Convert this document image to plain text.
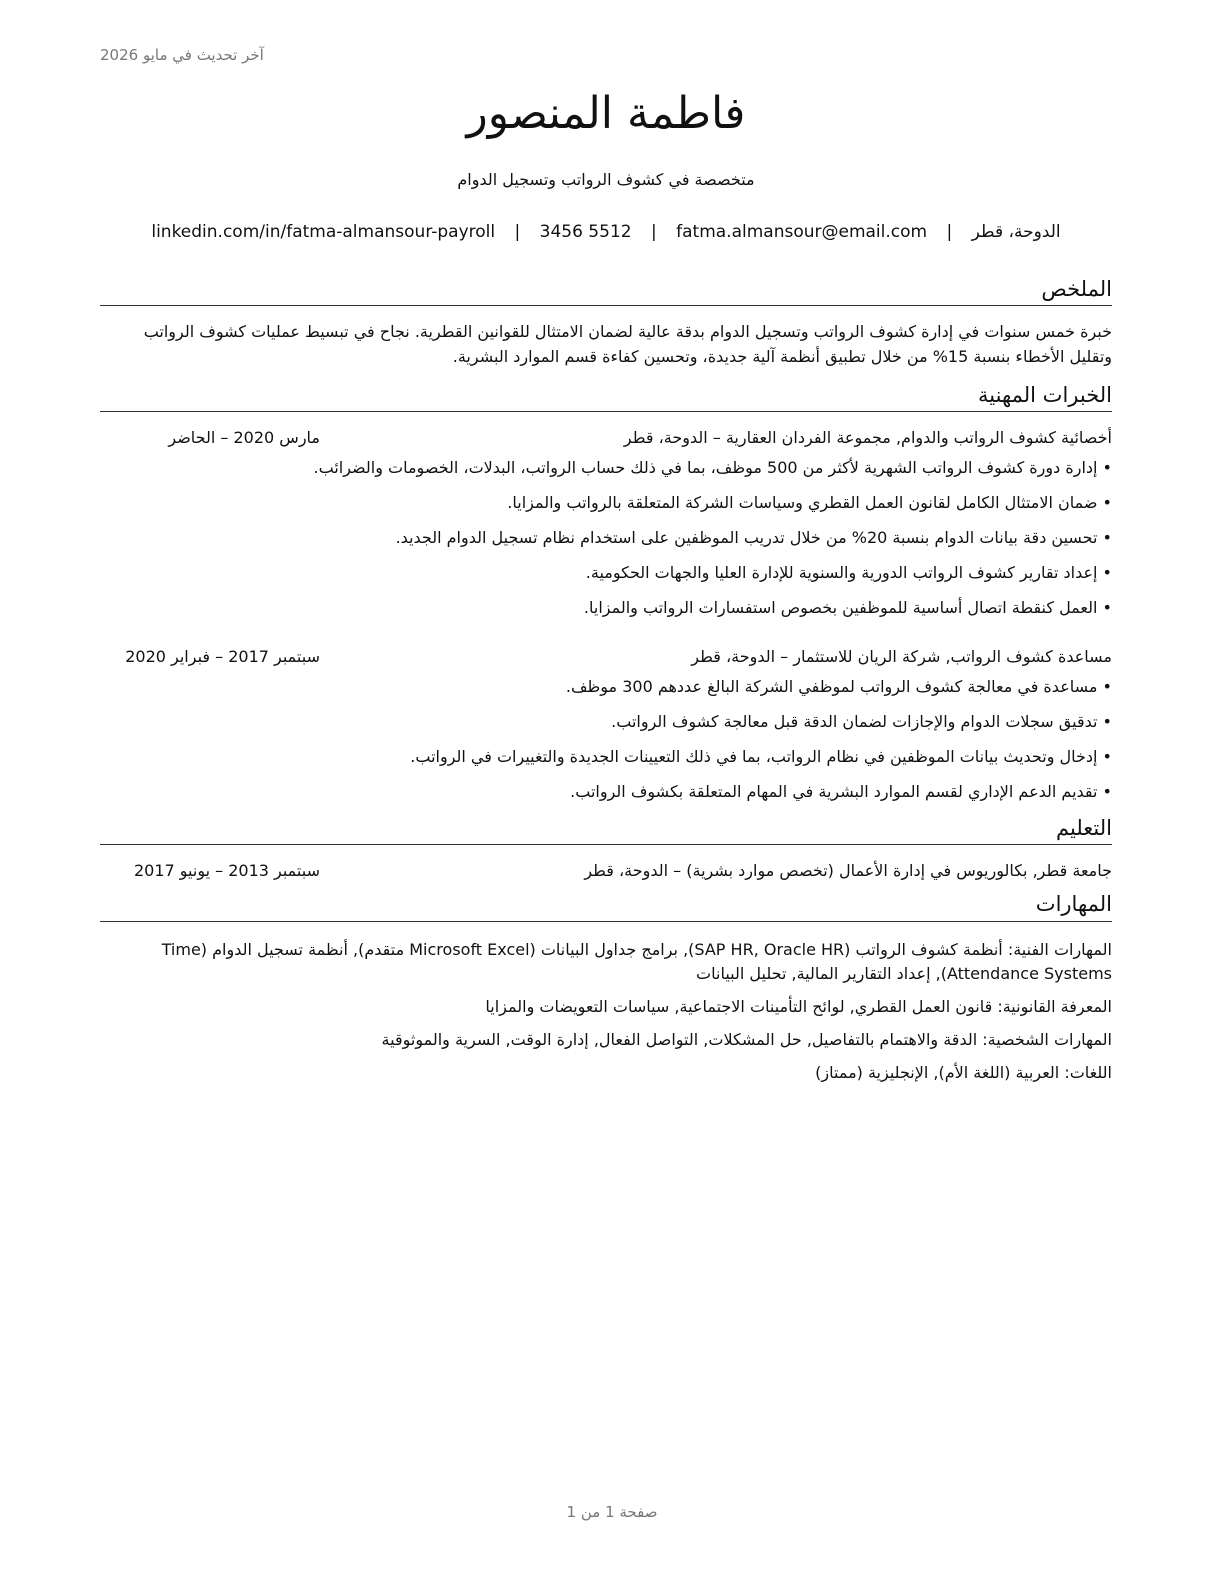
آخر تحديث في مايو 2026
فاطمة المنصور
متخصصة في كشوف الرواتب وتسجيل الدوام
الدوحة، قطر | fatma.almansour@email.com | 3456 5512 | linkedin.com/in/fatma-almansour-payroll
الملخص

خبرة خمس سنوات في إدارة كشوف الرواتب وتسجيل الدوام بدقة عالية لضمان الامتثال للقوانين القطرية. نجاح في تبسيط عمليات كشوف الرواتب وتقليل الأخطاء بنسبة 15% من خلال تطبيق أنظمة آلية جديدة، وتحسين كفاءة قسم الموارد البشرية.

الخبرات المهنية
أخصائية كشوف الرواتب والدوام, مجموعة الفردان العقارية – الدوحة، قطر
مارس 2020 – الحاضر
• إدارة دورة كشوف الرواتب الشهرية لأكثر من 500 موظف، بما في ذلك حساب الرواتب، البدلات، الخصومات والضرائب.
• ضمان الامتثال الكامل لقانون العمل القطري وسياسات الشركة المتعلقة بالرواتب والمزايا.
• تحسين دقة بيانات الدوام بنسبة 20% من خلال تدريب الموظفين على استخدام نظام تسجيل الدوام الجديد.
• إعداد تقارير كشوف الرواتب الدورية والسنوية للإدارة العليا والجهات الحكومية.
• العمل كنقطة اتصال أساسية للموظفين بخصوص استفسارات الرواتب والمزايا.
مساعدة كشوف الرواتب, شركة الريان للاستثمار – الدوحة، قطر
سبتمبر 2017 – فبراير 2020
• مساعدة في معالجة كشوف الرواتب لموظفي الشركة البالغ عددهم 300 موظف.
• تدقيق سجلات الدوام والإجازات لضمان الدقة قبل معالجة كشوف الرواتب.
• إدخال وتحديث بيانات الموظفين في نظام الرواتب، بما في ذلك التعيينات الجديدة والتغييرات في الرواتب.
• تقديم الدعم الإداري لقسم الموارد البشرية في المهام المتعلقة بكشوف الرواتب.
التعليم
جامعة قطر, بكالوريوس في إدارة الأعمال (تخصص موارد بشرية) – الدوحة، قطر
سبتمبر 2013 – يونيو 2017
المهارات

المهارات الفنية: أنظمة كشوف الرواتب (SAP HR, Oracle HR), برامج جداول البيانات (Microsoft Excel متقدم), أنظمة تسجيل الدوام (Time Attendance Systems), إعداد التقارير المالية, تحليل البيانات

المعرفة القانونية: قانون العمل القطري, لوائح التأمينات الاجتماعية, سياسات التعويضات والمزايا

المهارات الشخصية: الدقة والاهتمام بالتفاصيل, حل المشكلات, التواصل الفعال, إدارة الوقت, السرية والموثوقية

اللغات: العربية (اللغة الأم), الإنجليزية (ممتاز)

صفحة 1 من 1
